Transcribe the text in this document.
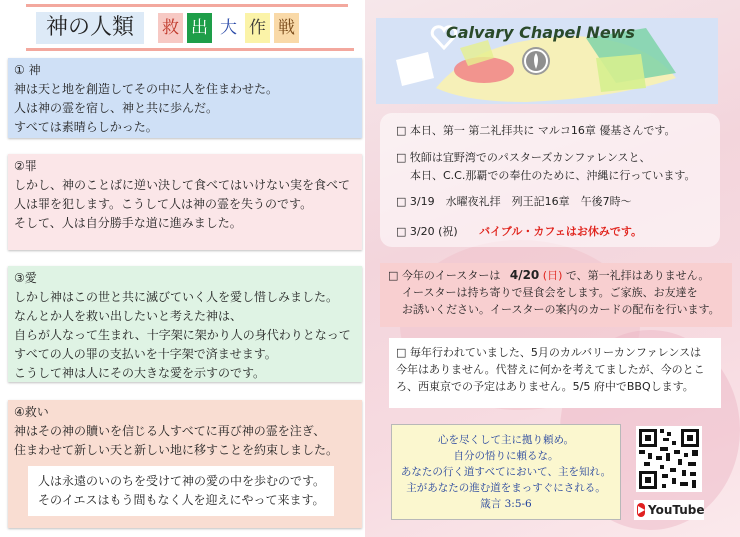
神の人類	救 出 大 作 戦

① 神

神は天と地を創造してその中に人を住まわせた。

人は神の霊を宿し、神と共に歩んだ。

すべては素晴らしかった。

②罪

しかし、神のことばに逆い決して食べてはいけない実を食べて

人は罪を犯します。こうして人は神の霊を失うのです。

そして、人は自分勝手な道に進みました。

③愛

しかし神はこの世と共に滅びていく人を愛し惜しみました。

なんとか人を救い出したいと考えた神は、

自らが人なって生まれ、十字架に架かり人の身代わりとなって

すべての人の罪の支払いを十字架で済ませます。

こうして神は人にその大きな愛を示すのです。

④救い

神はその神の贖いを信じる人すべてに再び神の霊を注ぎ、

住まわせて新しい天と新しい地に移すことを約束しました。

人は永遠のいのちを受けて神の愛の中を歩むのです。

そのイエスはもう間もなく人を迎えにやって来ます。

Calvary Chapel News
□ 本日、第一 第二礼拝共に マルコ16章 優基さんです。
□ 牧師は宜野湾でのパスターズカンファレンスと、
本日、C.C.那覇での奉仕のために、沖縄に行っています。
□ 3/19　水曜夜礼拝　列王記16章　午後7時〜
□ 3/20 (祝) バイブル・カフェはお休みです。
□ 今年のイースターは 4/20 (日) で、第一礼拝はありません。
イースターは持ち寄りで昼食会をします。ご家族、お友達を
お誘いください。イースターの案内のカードの配布を行います。
□ 毎年行われていました、5月のカルバリーカンファレンスは
今年はありません。代替えに何かを考えてましたが、今のとこ
ろ、西東京での予定はありません。5/5 府中でBBQします。

心を尽くして主に拠り頼め。

自分の悟りに頼るな。

あなたの行く道すべてにおいて、主を知れ。

主があなたの進む道をまっすぐにされる。

箴言 3:5-6	YouTube
